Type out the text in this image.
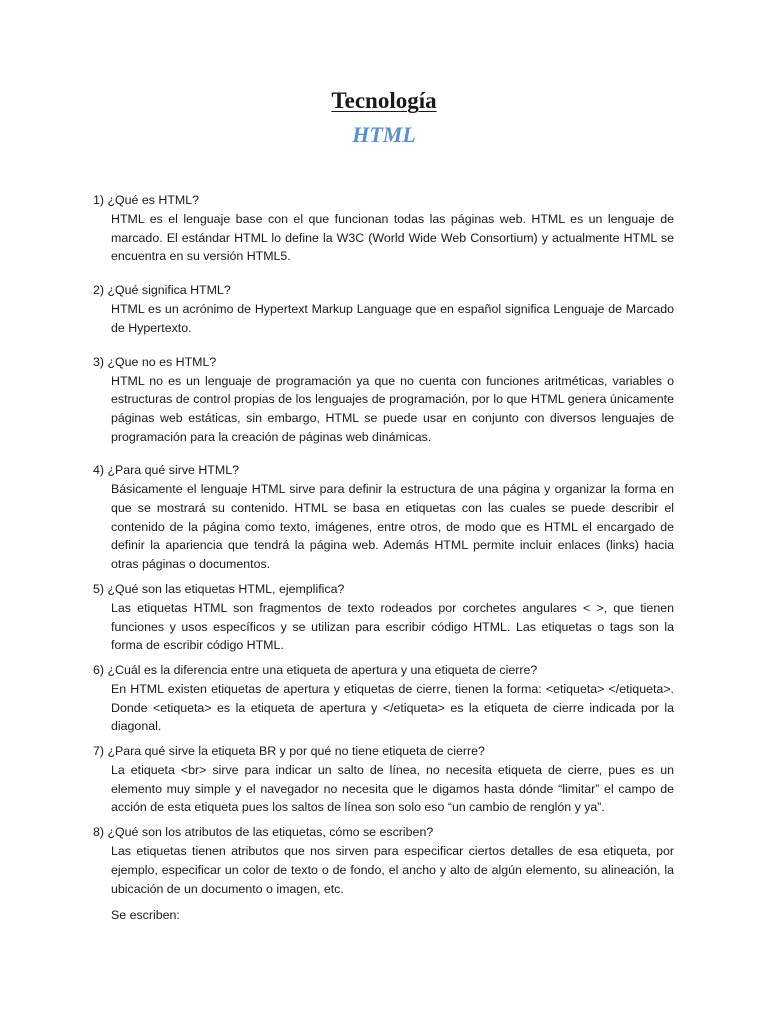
Tecnología
HTML

1) ¿Qué es HTML?

HTML es el lenguaje base con el que funcionan todas las páginas web. HTML es un lenguaje de marcado. El estándar HTML lo define la W3C (World Wide Web Consortium) y actualmente HTML se encuentra en su versión HTML5.

2) ¿Qué significa HTML?

HTML es un acrónimo de Hypertext Markup Language que en español significa Lenguaje de Marcado de Hypertexto.

3) ¿Que no es HTML?

HTML no es un lenguaje de programación ya que no cuenta con funciones aritméticas, variables o estructuras de control propias de los lenguajes de programación, por lo que HTML genera únicamente páginas web estáticas, sin embargo, HTML se puede usar en conjunto con diversos lenguajes de programación para la creación de páginas web dinámicas.

4) ¿Para qué sirve HTML?

Básicamente el lenguaje HTML sirve para definir la estructura de una página y organizar la forma en que se mostrará su contenido. HTML se basa en etiquetas con las cuales se puede describir el contenido de la página como texto, imágenes, entre otros, de modo que es HTML el encargado de definir la apariencia que tendrá la página web. Además HTML permite incluir enlaces (links) hacia otras páginas o documentos.

5) ¿Qué son las etiquetas HTML, ejemplifica?

Las etiquetas HTML son fragmentos de texto rodeados por corchetes angulares < >, que tienen funciones y usos específicos y se utilizan para escribir código HTML. Las etiquetas o tags son la forma de escribir código HTML.

6) ¿Cuál es la diferencia entre una etiqueta de apertura y una etiqueta de cierre?

En HTML existen etiquetas de apertura y etiquetas de cierre, tienen la forma: <etiqueta> </etiqueta>. Donde <etiqueta> es la etiqueta de apertura y </etiqueta> es la etiqueta de cierre indicada por la diagonal.

7) ¿Para qué sirve la etiqueta BR y por qué no tiene etiqueta de cierre?

La etiqueta <br> sirve para indicar un salto de línea, no necesita etiqueta de cierre, pues es un elemento muy simple y el navegador no necesita que le digamos hasta dónde “limitar” el campo de acción de esta etiqueta pues los saltos de línea son solo eso “un cambio de renglón y ya”.

8) ¿Qué son los atributos de las etiquetas, cómo se escriben?

Las etiquetas tienen atributos que nos sirven para especificar ciertos detalles de esa etiqueta, por ejemplo, especificar un color de texto o de fondo, el ancho y alto de algún elemento, su alineación, la ubicación de un documento o imagen, etc.

Se escriben:
